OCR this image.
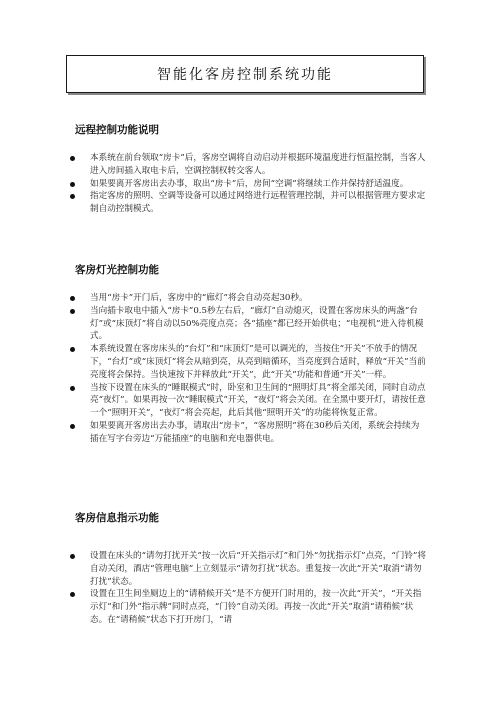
智能化客房控制系统功能
远程控制功能说明
本系统在前台领取“房卡”后，客房空调将自动启动并根据环境温度进行恒温控制，当客人进入房间插入取电卡后，空调控制权转交客人。
如果要离开客房出去办事，取出“房卡”后，房间“空调”将继续工作并保持舒适温度。
指定客房的照明、空调等设备可以通过网络进行远程管理控制，并可以根据管理方要求定制自动控制模式。
客房灯光控制功能
当用“房卡”开门后，客房中的“廊灯”将会自动亮起30秒。
当向插卡取电中插入“房卡”0.5秒左右后，“廊灯”自动熄灭，设置在客房床头的两盏“台灯”或“床顶灯”将自动以50%亮度点亮；各“插座”都已经开始供电；“电视机”进入待机模式。
本系统设置在客房床头的“台灯”和“床顶灯”是可以调光的，当按住“开关”不放手的情况下，“台灯”或“床顶灯”将会从暗到亮，从亮到暗循环，当亮度到合适时，释放“开关”当前亮度将会保持。当快速按下并释放此“开关”，此“开关”功能和普通“开关”一样。
当按下设置在床头的“睡眠模式”时，卧室和卫生间的“照明灯具”将全部关闭，同时自动点亮“夜灯”。如果再按一次“睡眠模式”开关，“夜灯”将会关闭。在全黑中要开灯，请按任意一个“照明开关”，“夜灯”将会亮起，此后其他“照明开关”的功能将恢复正常。
如果要离开客房出去办事，请取出“房卡”，“客房照明”将在30秒后关闭，系统会持续为插在写字台旁边“万能插座”的电脑和充电器供电。
客房信息指示功能
设置在床头的“请勿打扰开关”按一次后“开关指示灯”和门外“勿扰指示灯”点亮，“门铃”将自动关闭，酒店“管理电脑”上立刻显示“请勿打扰”状态。重复按一次此“开关”取消“请勿打扰”状态。
设置在卫生间坐厕边上的“请稍候开关”是不方便开门时用的，按一次此“开关”，“开关指示灯”和门外“指示牌”同时点亮，“门铃”自动关闭。再按一次此“开关”取消“请稍候”状态。在“请稍候”状态下打开房门，“请
